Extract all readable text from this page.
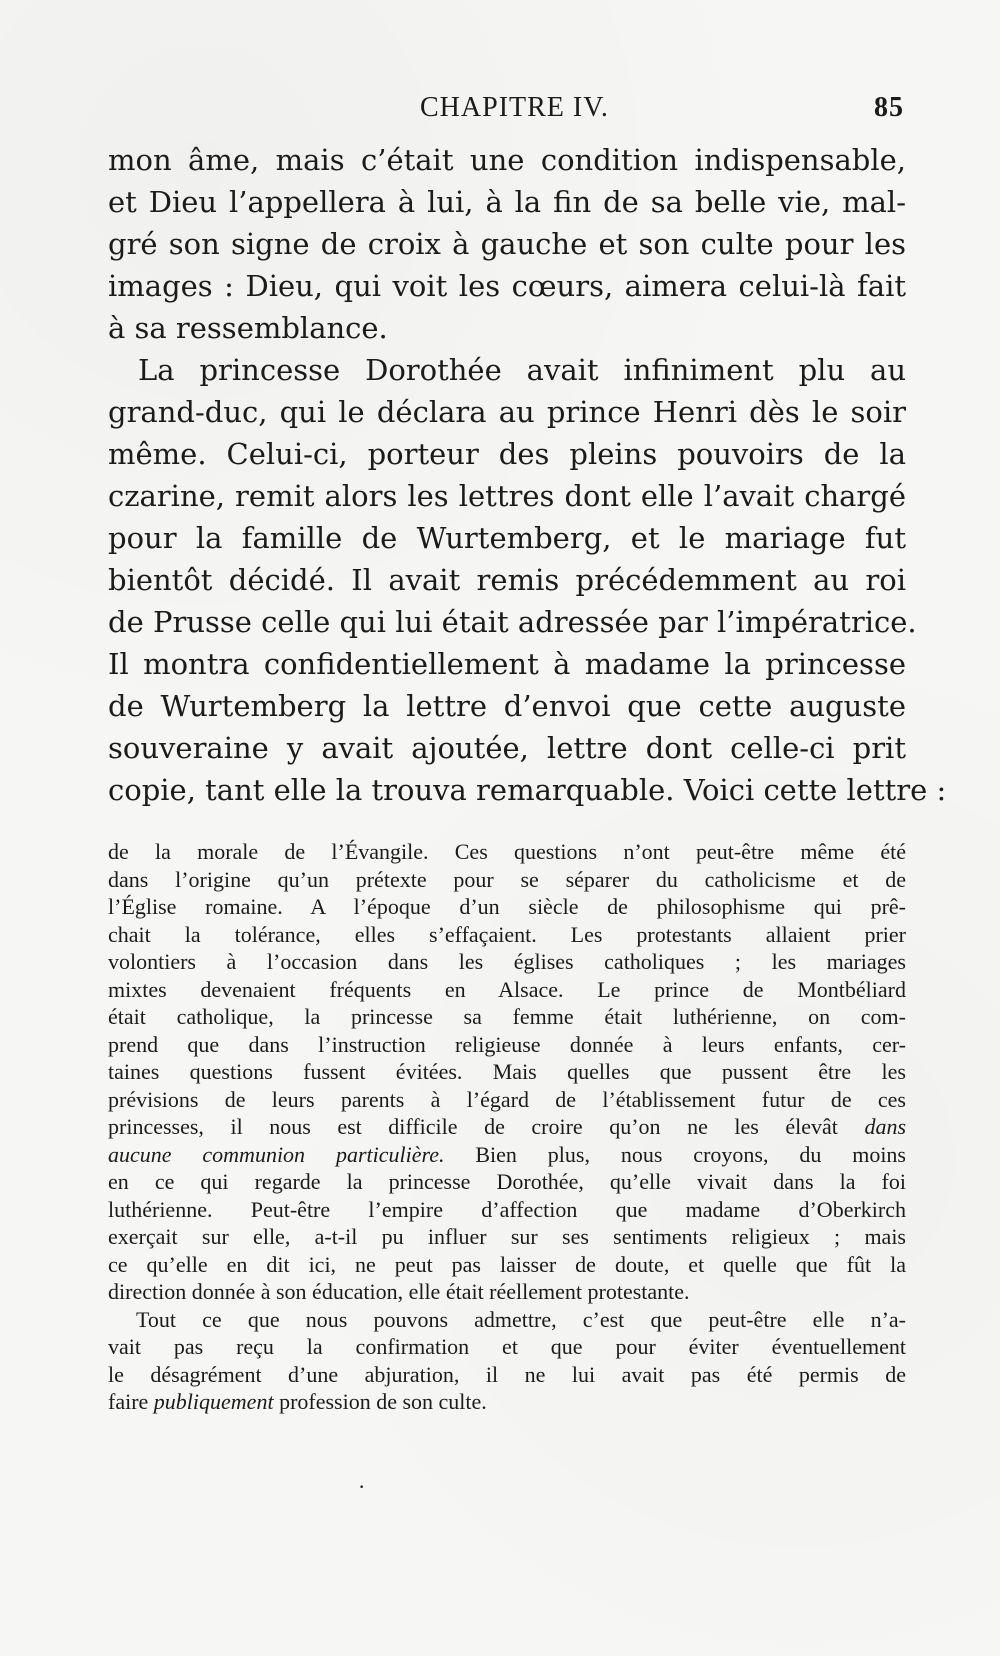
CHAPITRE IV.	85
mon âme, mais c’était une condition indispensable,
et Dieu l’appellera à lui, à la fin de sa belle vie, mal-
gré son signe de croix à gauche et son culte pour les
images : Dieu, qui voit les cœurs, aimera celui-là fait
à sa ressemblance.
La princesse Dorothée avait infiniment plu au
grand-duc, qui le déclara au prince Henri dès le soir
même. Celui-ci, porteur des pleins pouvoirs de la
czarine, remit alors les lettres dont elle l’avait chargé
pour la famille de Wurtemberg, et le mariage fut
bientôt décidé. Il avait remis précédemment au roi
de Prusse celle qui lui était adressée par l’impératrice.
Il montra confidentiellement à madame la princesse
de Wurtemberg la lettre d’envoi que cette auguste
souveraine y avait ajoutée, lettre dont celle-ci prit
copie, tant elle la trouva remarquable. Voici cette lettre :
de la morale de l’Évangile. Ces questions n’ont peut-être même été
dans l’origine qu’un prétexte pour se séparer du catholicisme et de
l’Église romaine. A l’époque d’un siècle de philosophisme qui prê-
chait la tolérance, elles s’effaçaient. Les protestants allaient prier
volontiers à l’occasion dans les églises catholiques ; les mariages
mixtes devenaient fréquents en Alsace. Le prince de Montbéliard
était catholique, la princesse sa femme était luthérienne, on com-
prend que dans l’instruction religieuse donnée à leurs enfants, cer-
taines questions fussent évitées. Mais quelles que pussent être les
prévisions de leurs parents à l’égard de l’établissement futur de ces
princesses, il nous est difficile de croire qu’on ne les élevât dans
aucune communion particulière. Bien plus, nous croyons, du moins
en ce qui regarde la princesse Dorothée, qu’elle vivait dans la foi
luthérienne. Peut-être l’empire d’affection que madame d’Oberkirch
exerçait sur elle, a-t-il pu influer sur ses sentiments religieux ; mais
ce qu’elle en dit ici, ne peut pas laisser de doute, et quelle que fût la
direction donnée à son éducation, elle était réellement protestante.
Tout ce que nous pouvons admettre, c’est que peut-être elle n’a-
vait pas reçu la confirmation et que pour éviter éventuellement
le désagrément d’une abjuration, il ne lui avait pas été permis de
faire publiquement profession de son culte.
·
